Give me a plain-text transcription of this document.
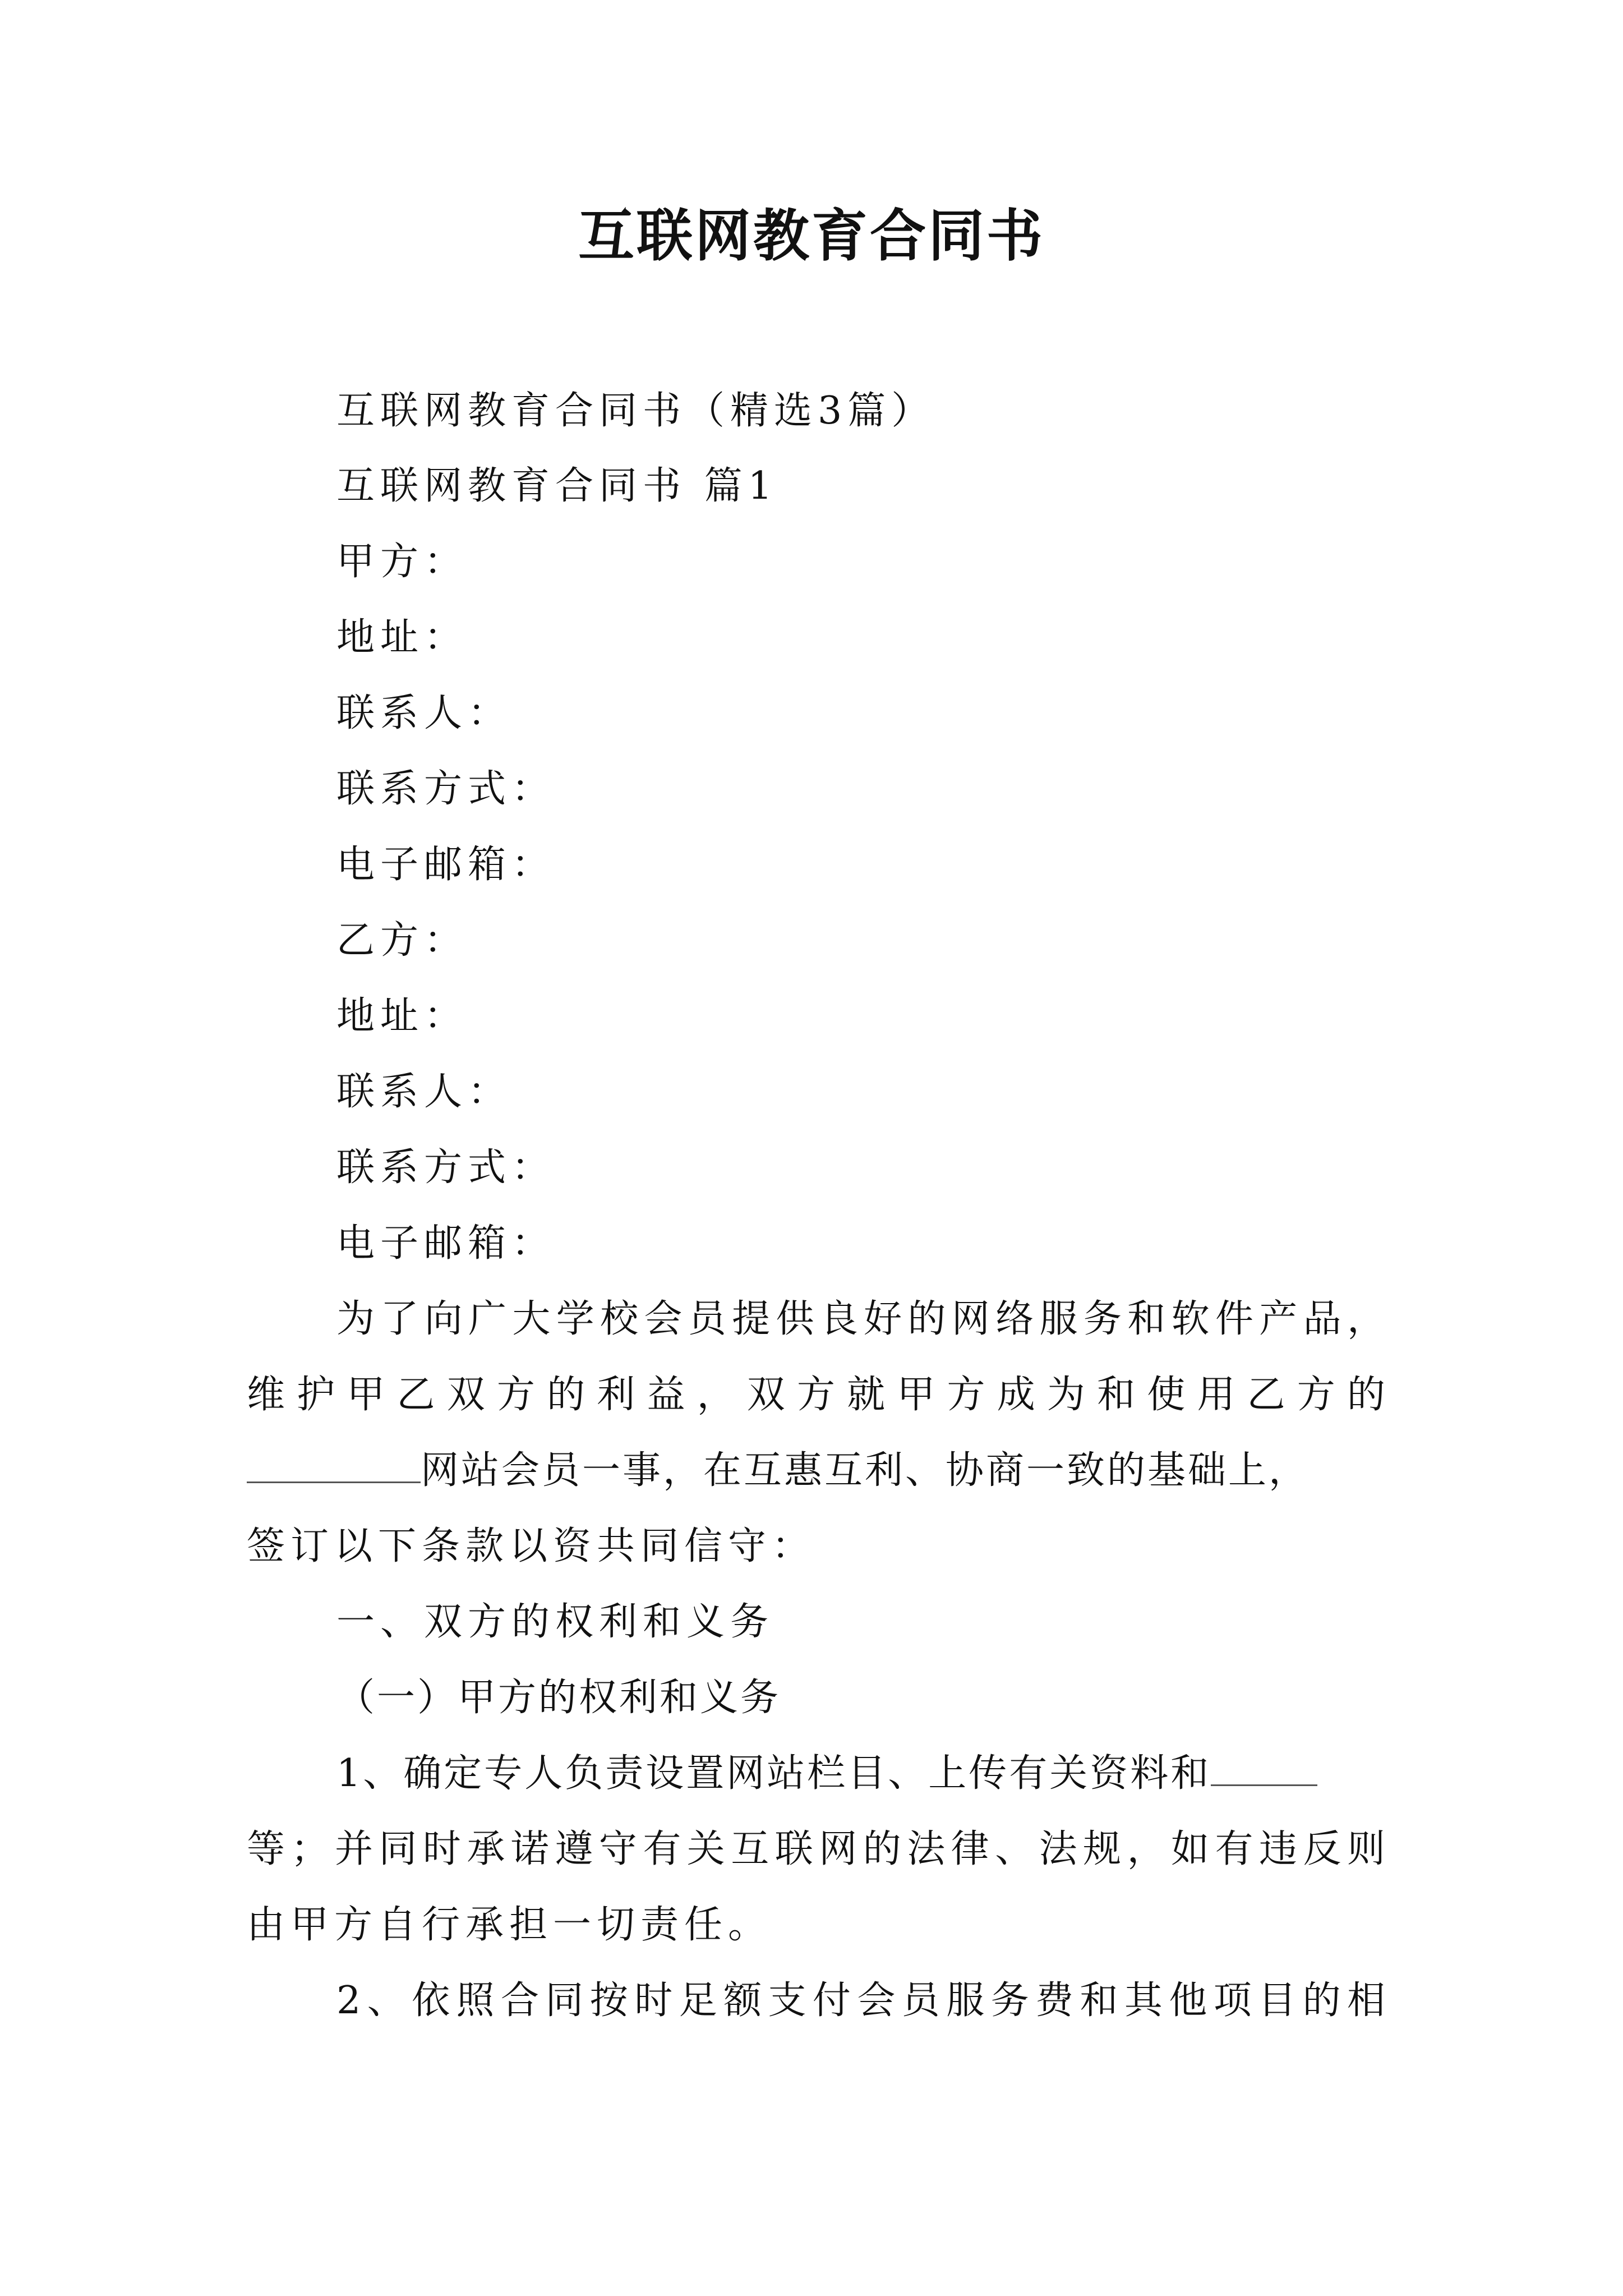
互联网教育合同书
互联网教育合同书（精选3篇）
互联网教育合同书 篇1
甲方：
地址：
联系人：
联系方式：
电子邮箱：
乙方：
地址：
联系人：
联系方式：
电子邮箱：
为了向广大学校会员提供良好的网络服务和软件产品，
维护甲乙双方的利益，双方就甲方成为和使用乙方的
网站会员一事，在互惠互利、协商一致的基础上，
签订以下条款以资共同信守：
一、双方的权利和义务
（一）甲方的权利和义务
1、确定专人负责设置网站栏目、上传有关资料和
等；并同时承诺遵守有关互联网的法律、法规，如有违反则
由甲方自行承担一切责任。
2、依照合同按时足额支付会员服务费和其他项目的相
